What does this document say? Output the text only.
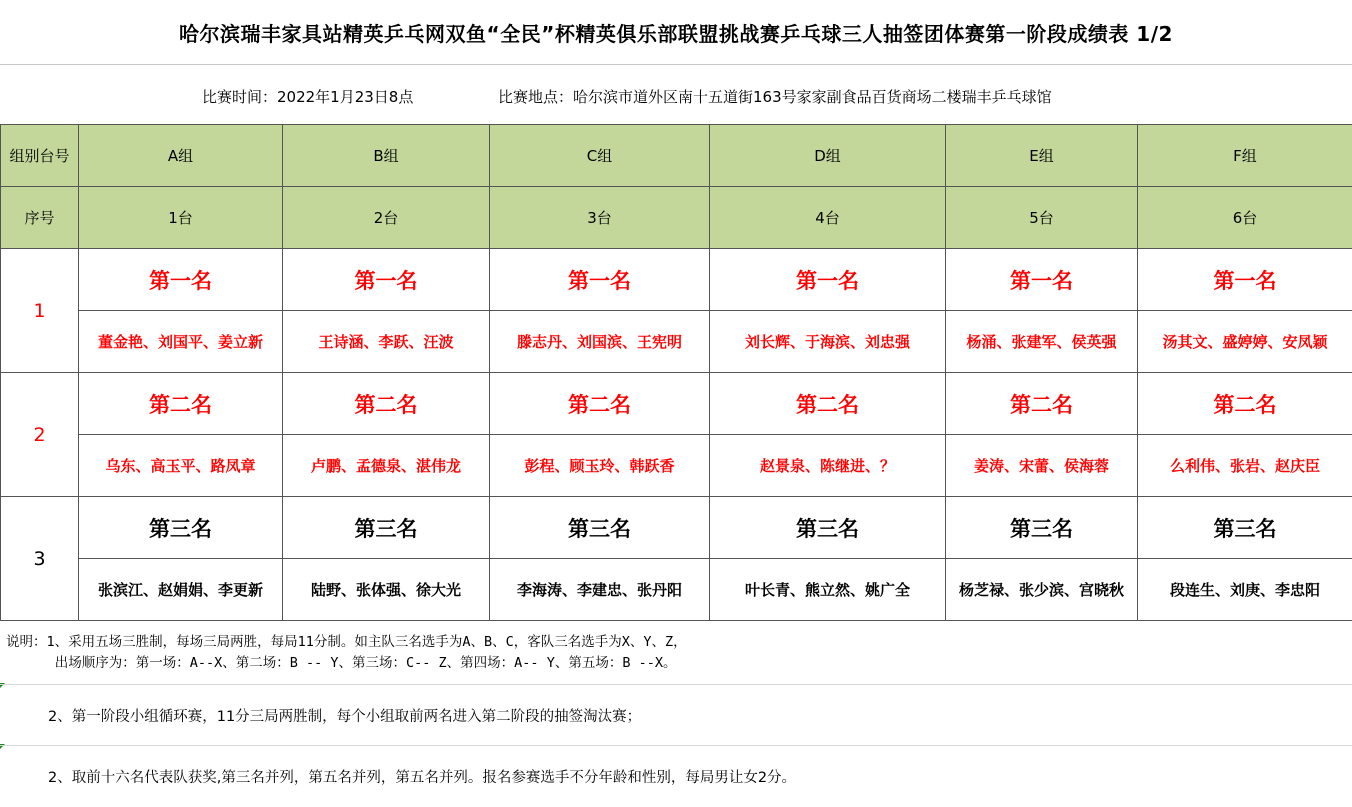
哈尔滨瑞丰家具站精英乒乓网双鱼“全民”杯精英俱乐部联盟挑战赛乒乓球三人抽签团体赛第一阶段成绩表 1/2
比赛时间：2022年1月23日8点	比赛地点：哈尔滨市道外区南十五道街163号家家副食品百货商场二楼瑞丰乒乓球馆
组别台号	A组	B组	C组	D组	E组	F组
序号	1台	2台	3台	4台	5台	6台
1	第一名	第一名	第一名	第一名	第一名	第一名
	董金艳、刘国平、姜立新	王诗涵、李跃、汪波	滕志丹、刘国滨、王宪明	刘长辉、于海滨、刘忠强	杨涌、张建军、侯英强	汤其文、盛婷婷、安凤颖
2	第二名	第二名	第二名	第二名	第二名	第二名
	乌东、高玉平、路凤章	卢鹏、孟德泉、湛伟龙	彭程、顾玉玲、韩跃香	赵景泉、陈继进、？	姜涛、宋蕾、侯海蓉	么利伟、张岩、赵庆臣
3	第三名	第三名	第三名	第三名	第三名	第三名
	张滨江、赵娟娟、李更新	陆野、张体强、徐大光	李海涛、李建忠、张丹阳	叶长青、熊立然、姚广全	杨芝禄、张少滨、宫晓秋	段连生、刘庚、李忠阳
说明：1、采用五场三胜制，每场三局两胜，每局11分制。如主队三名选手为A、B、C，客队三名选手为X、Y、Z，
出场顺序为：第一场：A--X、第二场：B -- Y、第三场：C-- Z、第四场：A-- Y、第五场：B --X。
2、第一阶段小组循环赛，11分三局两胜制，每个小组取前两名进入第二阶段的抽签淘汰赛；
2、取前十六名代表队获奖,第三名并列，第五名并列，第五名并列。报名参赛选手不分年龄和性别，每局男让女2分。
